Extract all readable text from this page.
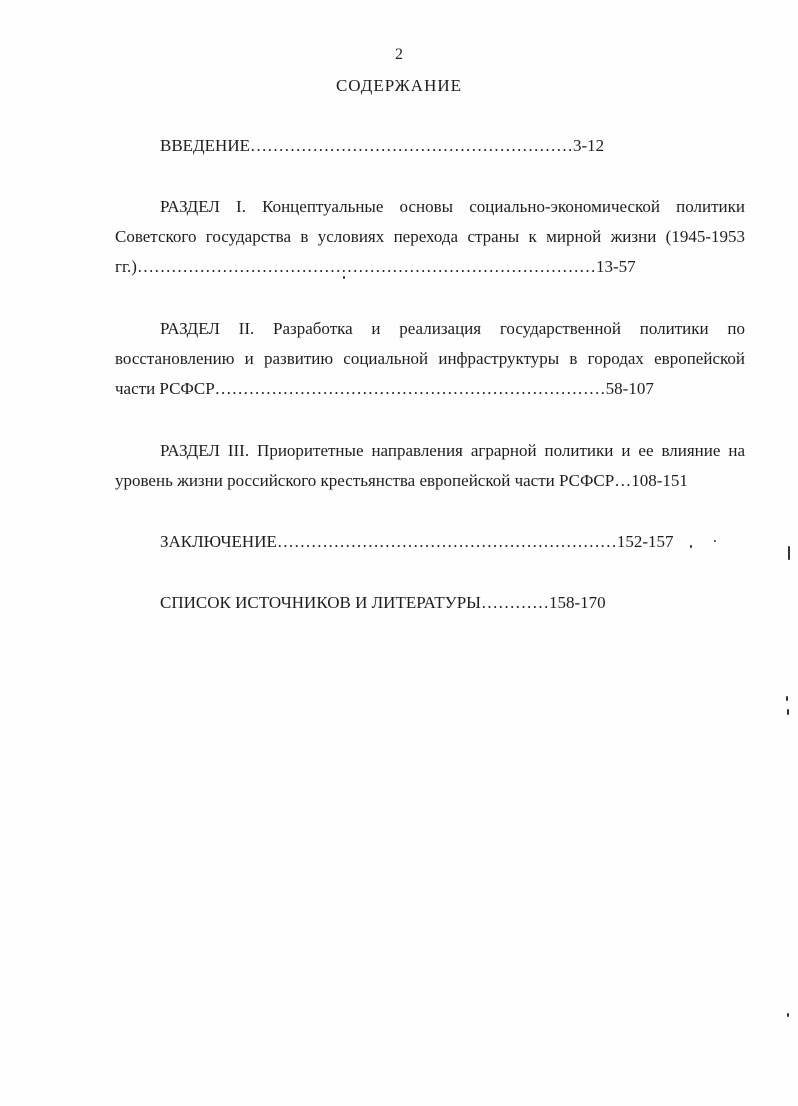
2
СОДЕРЖАНИЕ
ВВЕДЕНИЕ…………………………………………………3-12
РАЗДЕЛ I. Концептуальные основы социально-экономической политики Советского государства в условиях перехода страны к мирной жизни (1945-1953 гг.)………………………………………………………………………13-57
РАЗДЕЛ II. Разработка и реализация государственной политики по восстановлению и развитию социальной инфраструктуры в городах европейской части РСФСР……………………………………………………………58-107
РАЗДЕЛ III. Приоритетные направления аграрной политики и ее влияние на уровень жизни российского крестьянства европейской части РСФСР…108-151
ЗАКЛЮЧЕНИЕ……………………………………………………152-157
СПИСОК ИСТОЧНИКОВ И ЛИТЕРАТУРЫ…………158-170
